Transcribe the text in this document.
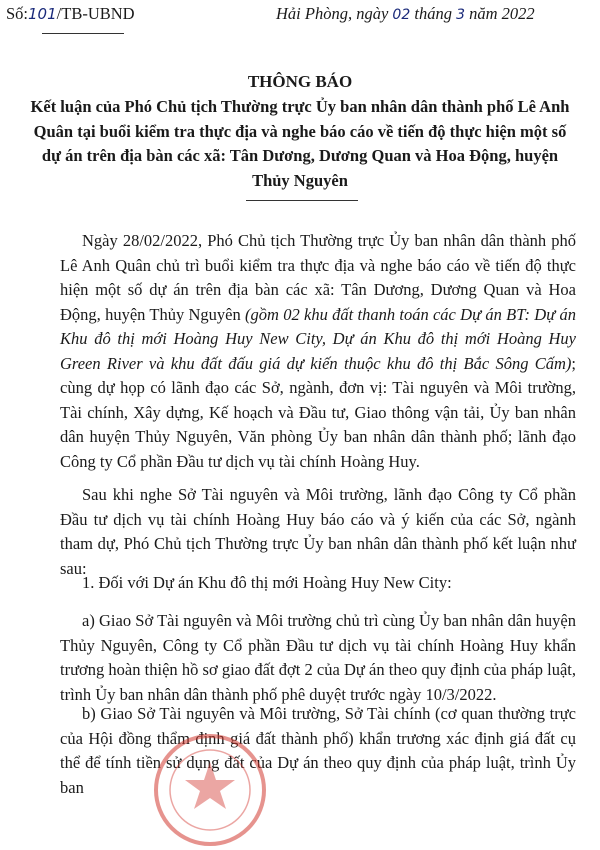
Số:101/TB-UBND	Hải Phòng, ngày 02 tháng 3 năm 2022
THÔNG BÁO
Kết luận của Phó Chủ tịch Thường trực Ủy ban nhân dân thành phố Lê Anh Quân tại buổi kiểm tra thực địa và nghe báo cáo về tiến độ thực hiện một số dự án trên địa bàn các xã: Tân Dương, Dương Quan và Hoa Động, huyện Thủy Nguyên

Ngày 28/02/2022, Phó Chủ tịch Thường trực Ủy ban nhân dân thành phố Lê Anh Quân chủ trì buổi kiểm tra thực địa và nghe báo cáo về tiến độ thực hiện một số dự án trên địa bàn các xã: Tân Dương, Dương Quan và Hoa Động, huyện Thủy Nguyên (gồm 02 khu đất thanh toán các Dự án BT: Dự án Khu đô thị mới Hoàng Huy New City, Dự án Khu đô thị mới Hoàng Huy Green River và khu đất đấu giá dự kiến thuộc khu đô thị Bắc Sông Cấm); cùng dự họp có lãnh đạo các Sở, ngành, đơn vị: Tài nguyên và Môi trường, Tài chính, Xây dựng, Kế hoạch và Đầu tư, Giao thông vận tải, Ủy ban nhân dân huyện Thủy Nguyên, Văn phòng Ủy ban nhân dân thành phố; lãnh đạo Công ty Cổ phần Đầu tư dịch vụ tài chính Hoàng Huy.

Sau khi nghe Sở Tài nguyên và Môi trường, lãnh đạo Công ty Cổ phần Đầu tư dịch vụ tài chính Hoàng Huy báo cáo và ý kiến của các Sở, ngành tham dự, Phó Chủ tịch Thường trực Ủy ban nhân dân thành phố kết luận như sau:

1. Đối với Dự án Khu đô thị mới Hoàng Huy New City:

a) Giao Sở Tài nguyên và Môi trường chủ trì cùng Ủy ban nhân dân huyện Thủy Nguyên, Công ty Cổ phần Đầu tư dịch vụ tài chính Hoàng Huy khẩn trương hoàn thiện hồ sơ giao đất đợt 2 của Dự án theo quy định của pháp luật, trình Ủy ban nhân dân thành phố phê duyệt trước ngày 10/3/2022.

b) Giao Sở Tài nguyên và Môi trường, Sở Tài chính (cơ quan thường trực của Hội đồng thẩm định giá đất thành phố) khẩn trương xác định giá đất cụ thể để tính tiền sử dụng đất của Dự án theo quy định của pháp luật, trình Ủy ban
